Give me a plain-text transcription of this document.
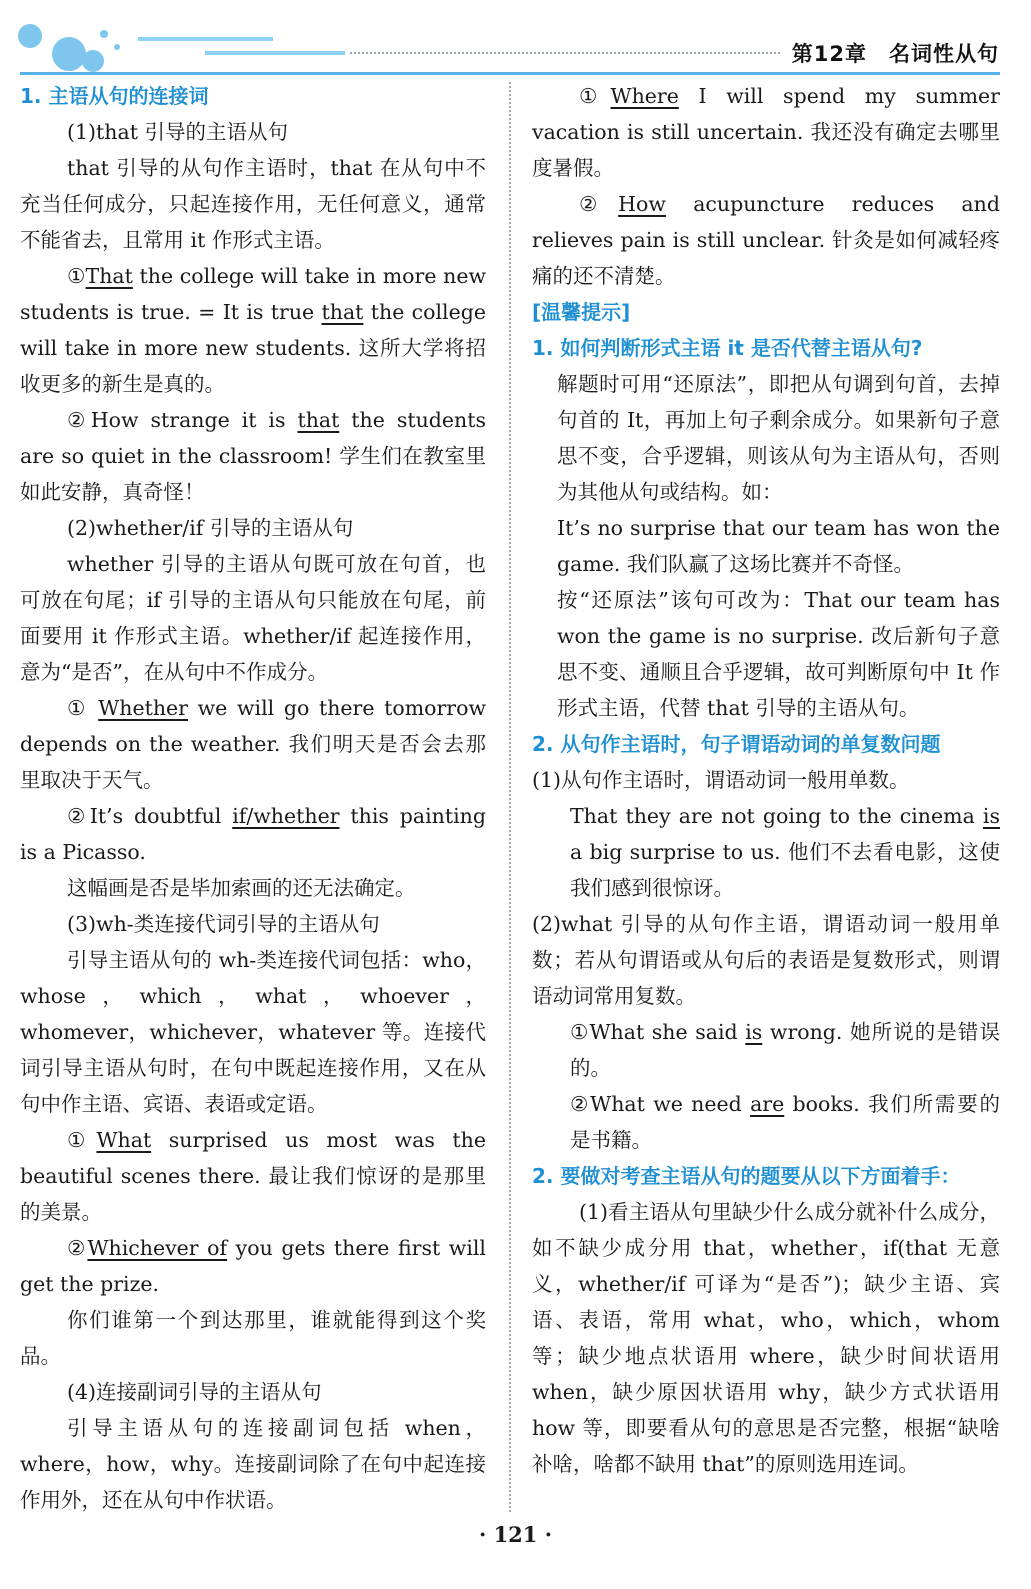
第12章 名词性从句

1. 主语从句的连接词

(1)that 引导的主语从句

that 引导的从句作主语时，that 在从句中不充当任何成分，只起连接作用，无任何意义，通常不能省去，且常用 it 作形式主语。

①That the college will take in more new students is true. = It is true that the college will take in more new students. 这所大学将招收更多的新生是真的。

②How strange it is that the students are so quiet in the classroom! 学生们在教室里如此安静，真奇怪！

(2)whether/if 引导的主语从句

whether 引导的主语从句既可放在句首，也可放在句尾；if 引导的主语从句只能放在句尾，前面要用 it 作形式主语。whether/if 起连接作用，意为“是否”，在从句中不作成分。

① Whether we will go there tomorrow depends on the weather. 我们明天是否会去那里取决于天气。

②It’s doubtful if/whether this painting is a Picasso.

这幅画是否是毕加索画的还无法确定。

(3)wh-类连接代词引导的主语从句

引导主语从句的 wh-类连接代词包括：who，whose，which，what，whoever，whomever，whichever，whatever 等。连接代词引导主语从句时，在句中既起连接作用，又在从句中作主语、宾语、表语或定语。

①What surprised us most was the beautiful scenes there. 最让我们惊讶的是那里的美景。

②Whichever of you gets there first will get the prize.

你们谁第一个到达那里，谁就能得到这个奖品。

(4)连接副词引导的主语从句

引导主语从句的连接副词包括 when，where，how，why。连接副词除了在句中起连接作用外，还在从句中作状语。

①Where I will spend my summer vacation is still uncertain. 我还没有确定去哪里度暑假。

②How acupuncture reduces and relieves pain is still unclear. 针灸是如何减轻疼痛的还不清楚。

[温馨提示]

1. 如何判断形式主语 it 是否代替主语从句?

解题时可用“还原法”，即把从句调到句首，去掉句首的 It，再加上句子剩余成分。如果新句子意思不变，合乎逻辑，则该从句为主语从句，否则为其他从句或结构。如：

It’s no surprise that our team has won the game. 我们队赢了这场比赛并不奇怪。

按“还原法”该句可改为：That our team has won the game is no surprise. 改后新句子意思不变、通顺且合乎逻辑，故可判断原句中 It 作形式主语，代替 that 引导的主语从句。

2. 从句作主语时，句子谓语动词的单复数问题

(1)从句作主语时，谓语动词一般用单数。

That they are not going to the cinema is a big surprise to us. 他们不去看电影，这使我们感到很惊讶。

(2)what 引导的从句作主语，谓语动词一般用单数；若从句谓语或从句后的表语是复数形式，则谓语动词常用复数。

①What she said is wrong. 她所说的是错误的。

②What we need are books. 我们所需要的是书籍。

2. 要做对考查主语从句的题要从以下方面着手：

(1)看主语从句里缺少什么成分就补什么成分，如不缺少成分用 that，whether，if(that 无意义，whether/if 可译为“是否”)；缺少主语、宾语、表语，常用 what，who，which，whom 等；缺少地点状语用 where，缺少时间状语用 when，缺少原因状语用 why，缺少方式状语用 how 等，即要看从句的意思是否完整，根据“缺啥补啥，啥都不缺用 that”的原则选用连词。

· 121 ·
